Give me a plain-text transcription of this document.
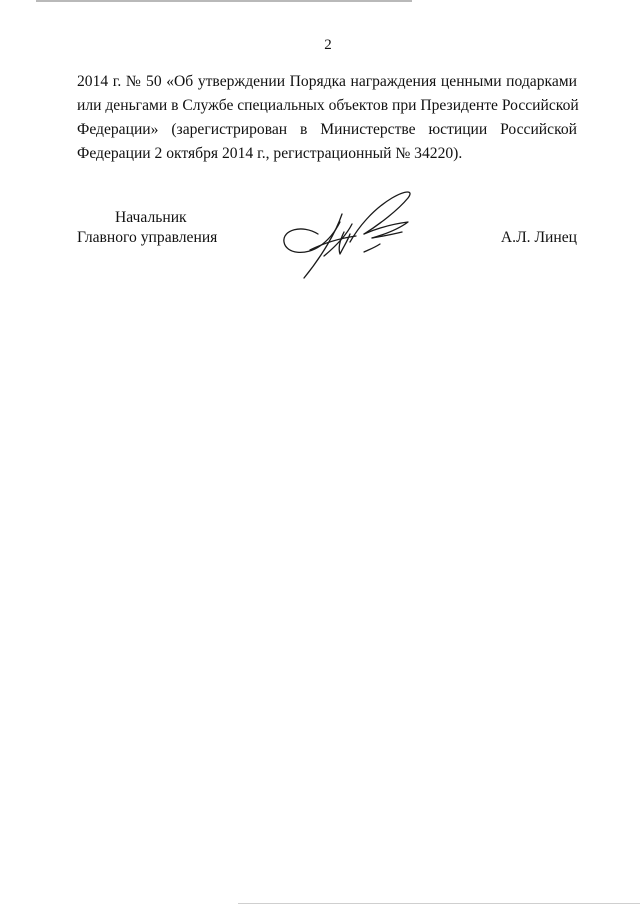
2
2014 г. № 50 «Об утверждении Порядка награждения ценными подарками
или деньгами в Службе специальных объектов при Президенте Российской
Федерации» (зарегистрирован в Министерстве юстиции Российской
Федерации 2 октября 2014 г., регистрационный № 34220).
Начальник
Главного управления	А.Л. Линец
